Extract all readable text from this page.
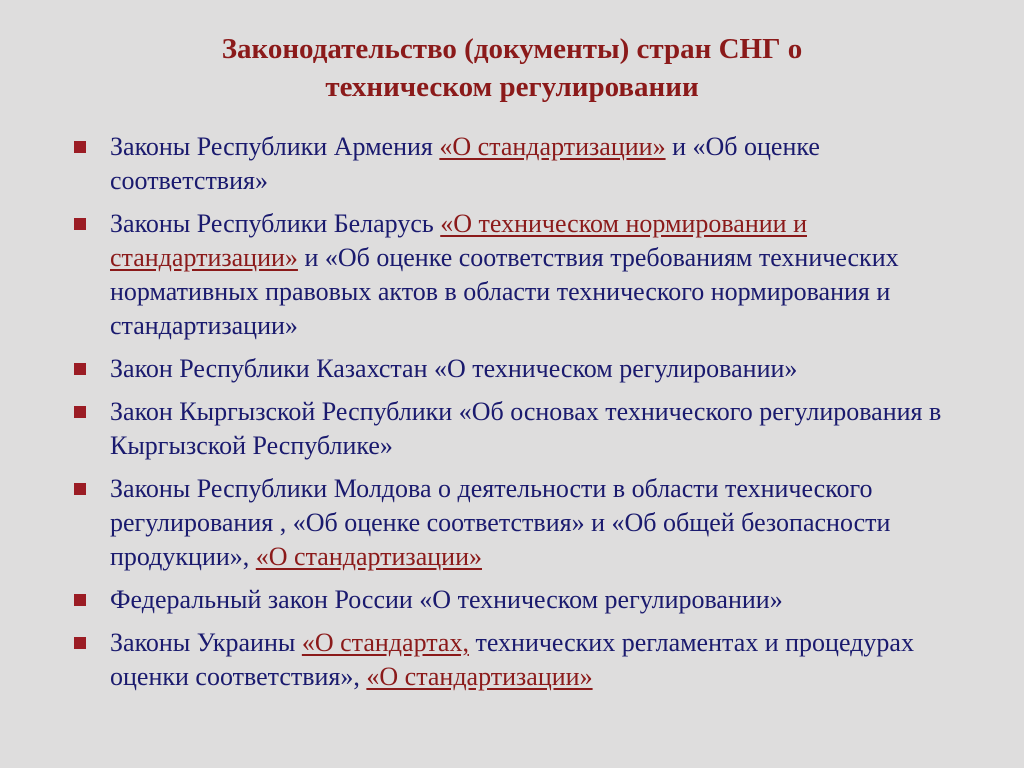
Законодательство (документы) стран СНГ о
техническом регулировании
Законы Республики Армения «О стандартизации» и «Об оценке соответствия»
Законы Республики Беларусь «О техническом нормировании и стандартизации» и «Об оценке соответствия требованиям технических нормативных правовых актов в области технического нормирования и стандартизации»
Закон Республики Казахстан «О техническом регулировании»
Закон Кыргызской Республики «Об основах технического регулирования в Кыргызской Республике»
Законы Республики Молдова о деятельности в области технического регулирования , «Об оценке соответствия» и «Об общей безопасности продукции», «О стандартизации»
Федеральный закон России «О техническом регулировании»
Законы Украины «О стандартах, технических регламентах и процедурах оценки соответствия», «О стандартизации»
